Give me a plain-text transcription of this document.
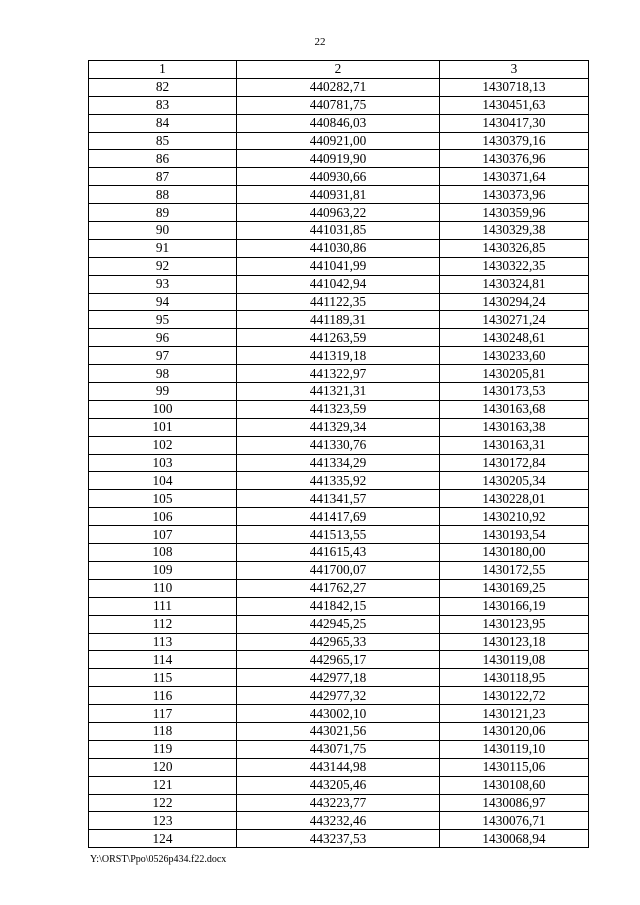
22
1	2	3
82	440282,71	1430718,13
83	440781,75	1430451,63
84	440846,03	1430417,30
85	440921,00	1430379,16
86	440919,90	1430376,96
87	440930,66	1430371,64
88	440931,81	1430373,96
89	440963,22	1430359,96
90	441031,85	1430329,38
91	441030,86	1430326,85
92	441041,99	1430322,35
93	441042,94	1430324,81
94	441122,35	1430294,24
95	441189,31	1430271,24
96	441263,59	1430248,61
97	441319,18	1430233,60
98	441322,97	1430205,81
99	441321,31	1430173,53
100	441323,59	1430163,68
101	441329,34	1430163,38
102	441330,76	1430163,31
103	441334,29	1430172,84
104	441335,92	1430205,34
105	441341,57	1430228,01
106	441417,69	1430210,92
107	441513,55	1430193,54
108	441615,43	1430180,00
109	441700,07	1430172,55
110	441762,27	1430169,25
111	441842,15	1430166,19
112	442945,25	1430123,95
113	442965,33	1430123,18
114	442965,17	1430119,08
115	442977,18	1430118,95
116	442977,32	1430122,72
117	443002,10	1430121,23
118	443021,56	1430120,06
119	443071,75	1430119,10
120	443144,98	1430115,06
121	443205,46	1430108,60
122	443223,77	1430086,97
123	443232,46	1430076,71
124	443237,53	1430068,94
Y:\ORST\Ppo\0526p434.f22.docx
